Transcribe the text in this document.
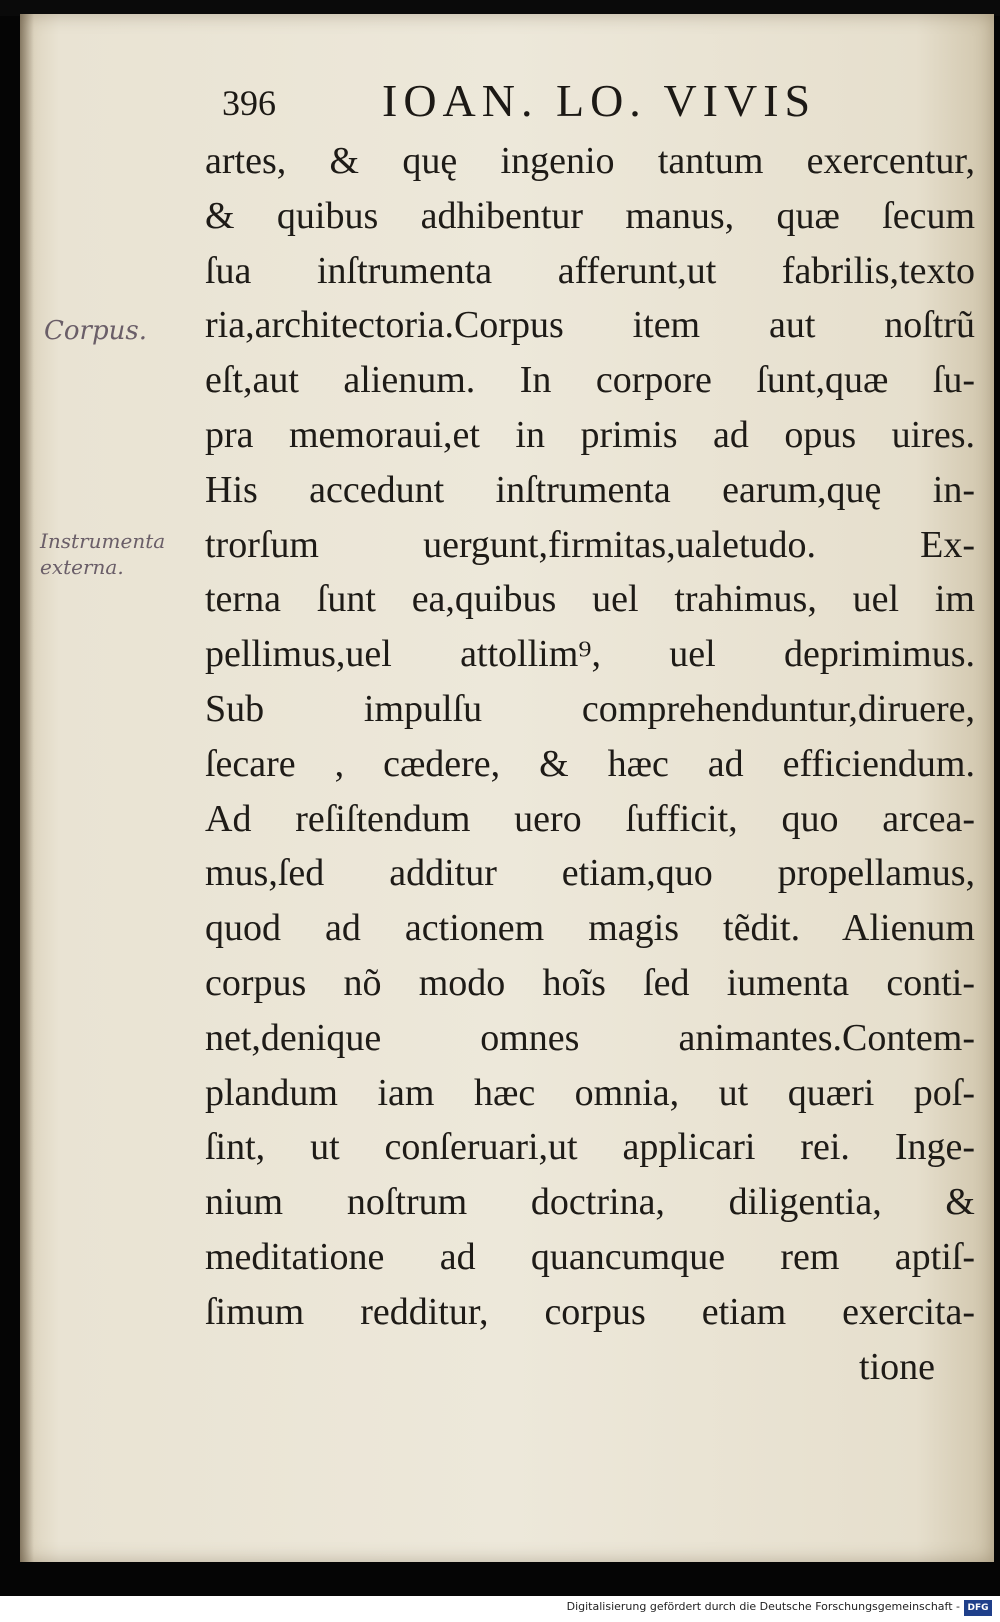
396 IOAN. LO. VIVIS
Corpus.
Instrumenta
externa.
artes, & quę ingenio tantum exercentur,
& quibus adhibentur manus, quæ ſecum
ſua inſtrumenta afferunt,ut fabrilis,texto
ria,architectoria.Corpus item aut noſtrũ
eſt,aut alienum. In corpore ſunt,quæ ſu-
pra memoraui,et in primis ad opus uires.
His accedunt inſtrumenta earum,quę in-
trorſum uergunt,firmitas,ualetudo. Ex-
terna ſunt ea,quibus uel trahimus, uel im
pellimus,uel attollim⁹, uel deprimimus.
Sub impulſu comprehenduntur,diruere,
ſecare , cædere, & hæc ad efficiendum.
Ad reſiſtendum uero ſufficit, quo arcea-
mus,ſed additur etiam,quo propellamus,
quod ad actionem magis tẽdit. Alienum
corpus nõ modo hoĩs ſed iumenta conti-
net,denique omnes animantes.Contem-
plandum iam hæc omnia, ut quæri poſ-
ſint, ut conſeruari,ut applicari rei. Inge-
nium noſtrum doctrina, diligentia, &
meditatione ad quancumque rem aptiſ-
ſimum redditur, corpus etiam exercita-
tione
Digitalisierung gefördert durch die Deutsche Forschungsgemeinschaft - DFG
